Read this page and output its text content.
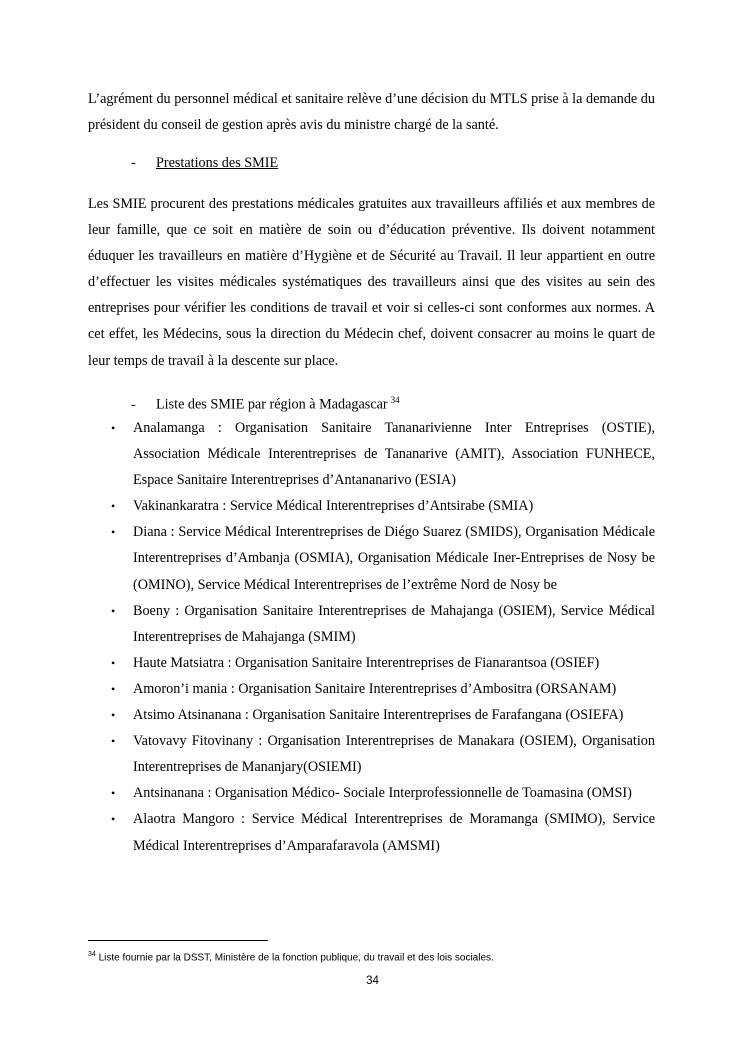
L’agrément du personnel médical et sanitaire relève d’une décision du MTLS prise à la demande du président du conseil de gestion après avis du ministre chargé de la santé.

- Prestations des SMIE

Les SMIE procurent des prestations médicales gratuites aux travailleurs affiliés et aux membres de leur famille, que ce soit en matière de soin ou d’éducation préventive. Ils doivent notamment éduquer les travailleurs en matière d’Hygiène et de Sécurité au Travail. Il leur appartient en outre d’effectuer les visites médicales systématiques des travailleurs ainsi que des visites au sein des entreprises pour vérifier les conditions de travail et voir si celles-ci sont conformes aux normes. A cet effet, les Médecins, sous la direction du Médecin chef, doivent consacrer au moins le quart de leur temps de travail à la descente sur place.

- Liste des SMIE par région à Madagascar $^{34}$

• Analamanga : Organisation Sanitaire Tananarivienne Inter Entreprises (OSTIE), Association Médicale Interentreprises de Tananarive (AMIT), Association FUNHECE, Espace Sanitaire Interentreprises d’Antananarivo (ESIA)
• Vakinankaratra : Service Médical Interentreprises d’Antsirabe (SMIA)
• Diana : Service Médical Interentreprises de Diégo Suarez (SMIDS), Organisation Médicale Interentreprises d’Ambanja (OSMIA), Organisation Médicale Iner-Entreprises de Nosy be (OMINO), Service Médical Interentreprises de l’extrême Nord de Nosy be
• Boeny : Organisation Sanitaire Interentreprises de Mahajanga (OSIEM), Service Médical Interentreprises de Mahajanga (SMIM)
• Haute Matsiatra : Organisation Sanitaire Interentreprises de Fianarantsoa (OSIEF)
• Amoron’i mania : Organisation Sanitaire Interentreprises d’Ambositra (ORSANAM)
• Atsimo Atsinanana : Organisation Sanitaire Interentreprises de Farafangana (OSIEFA)
• Vatovavy Fitovinany : Organisation Interentreprises de Manakara (OSIEM), Organisation Interentreprises de Mananjary(OSIEMI)
• Antsinanana : Organisation Médico- Sociale Interprofessionnelle de Toamasina (OMSI)
• Alaotra Mangoro : Service Médical Interentreprises de Moramanga (SMIMO), Service Médical Interentreprises d’Amparafaravola (AMSMI)

$^{34}$ Liste fournie par la DSST, Ministère de la fonction publique, du travail et des lois sociales.

34
